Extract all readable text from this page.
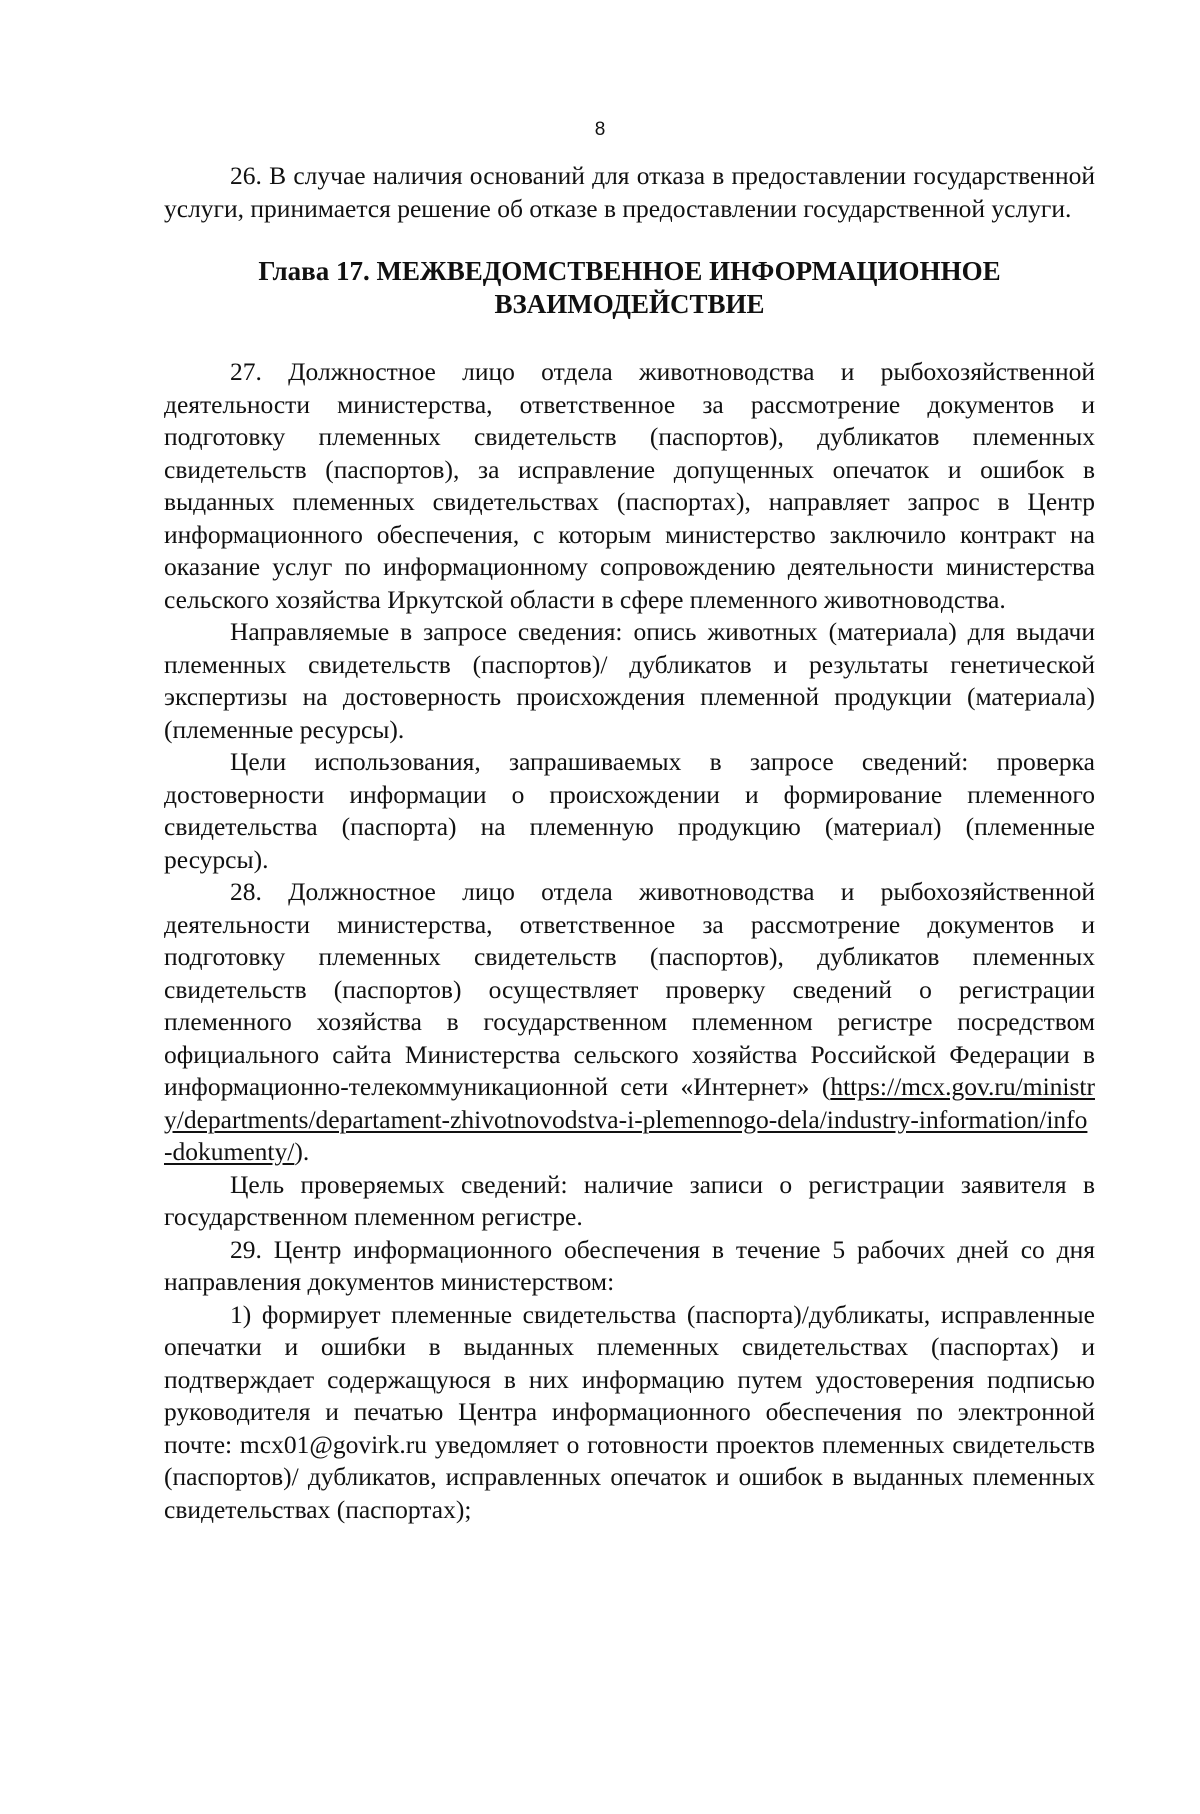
8

26. В случае наличия оснований для отказа в предоставлении государственной услуги, принимается решение об отказе в предоставлении государственной услуги.

Глава 17. МЕЖВЕДОМСТВЕННОЕ ИНФОРМАЦИОННОЕ
ВЗАИМОДЕЙСТВИЕ

27. Должностное лицо отдела животноводства и рыбохозяйственной деятельности министерства, ответственное за рассмотрение документов и подготовку племенных свидетельств (паспортов), дубликатов племенных свидетельств (паспортов), за исправление допущенных опечаток и ошибок в выданных племенных свидетельствах (паспортах), направляет запрос в Центр информационного обеспечения, с которым министерство заключило контракт на оказание услуг по информационному сопровождению деятельности министерства сельского хозяйства Иркутской области в сфере племенного животноводства.

Направляемые в запросе сведения: опись животных (материала) для выдачи племенных свидетельств (паспортов)/ дубликатов и результаты генетической экспертизы на достоверность происхождения племенной продукции (материала) (племенные ресурсы).

Цели использования, запрашиваемых в запросе сведений: проверка достоверности информации о происхождении и формирование племенного свидетельства (паспорта) на племенную продукцию (материал) (племенные ресурсы).

28. Должностное лицо отдела животноводства и рыбохозяйственной деятельности министерства, ответственное за рассмотрение документов и подготовку племенных свидетельств (паспортов), дубликатов племенных свидетельств (паспортов) осуществляет проверку сведений о регистрации племенного хозяйства в государственном племенном регистре посредством официального сайта Министерства сельского хозяйства Российской Федерации в информационно-телекоммуникационной сети «Интернет» (https://mcx.gov.ru/ministry/departments/departament-zhivotnovodstva-i-plemennogo-dela/industry-information/info-dokumenty/).

Цель проверяемых сведений: наличие записи о регистрации заявителя в государственном племенном регистре.

29. Центр информационного обеспечения в течение 5 рабочих дней со дня направления документов министерством:

1) формирует племенные свидетельства (паспорта)/дубликаты, исправленные опечатки и ошибки в выданных племенных свидетельствах (паспортах) и подтверждает содержащуюся в них информацию путем удостоверения подписью руководителя и печатью Центра информационного обеспечения по электронной почте: mcx01@govirk.ru уведомляет о готовности проектов племенных свидетельств (паспортов)/ дубликатов, исправленных опечаток и ошибок в выданных племенных свидетельствах (паспортах);
